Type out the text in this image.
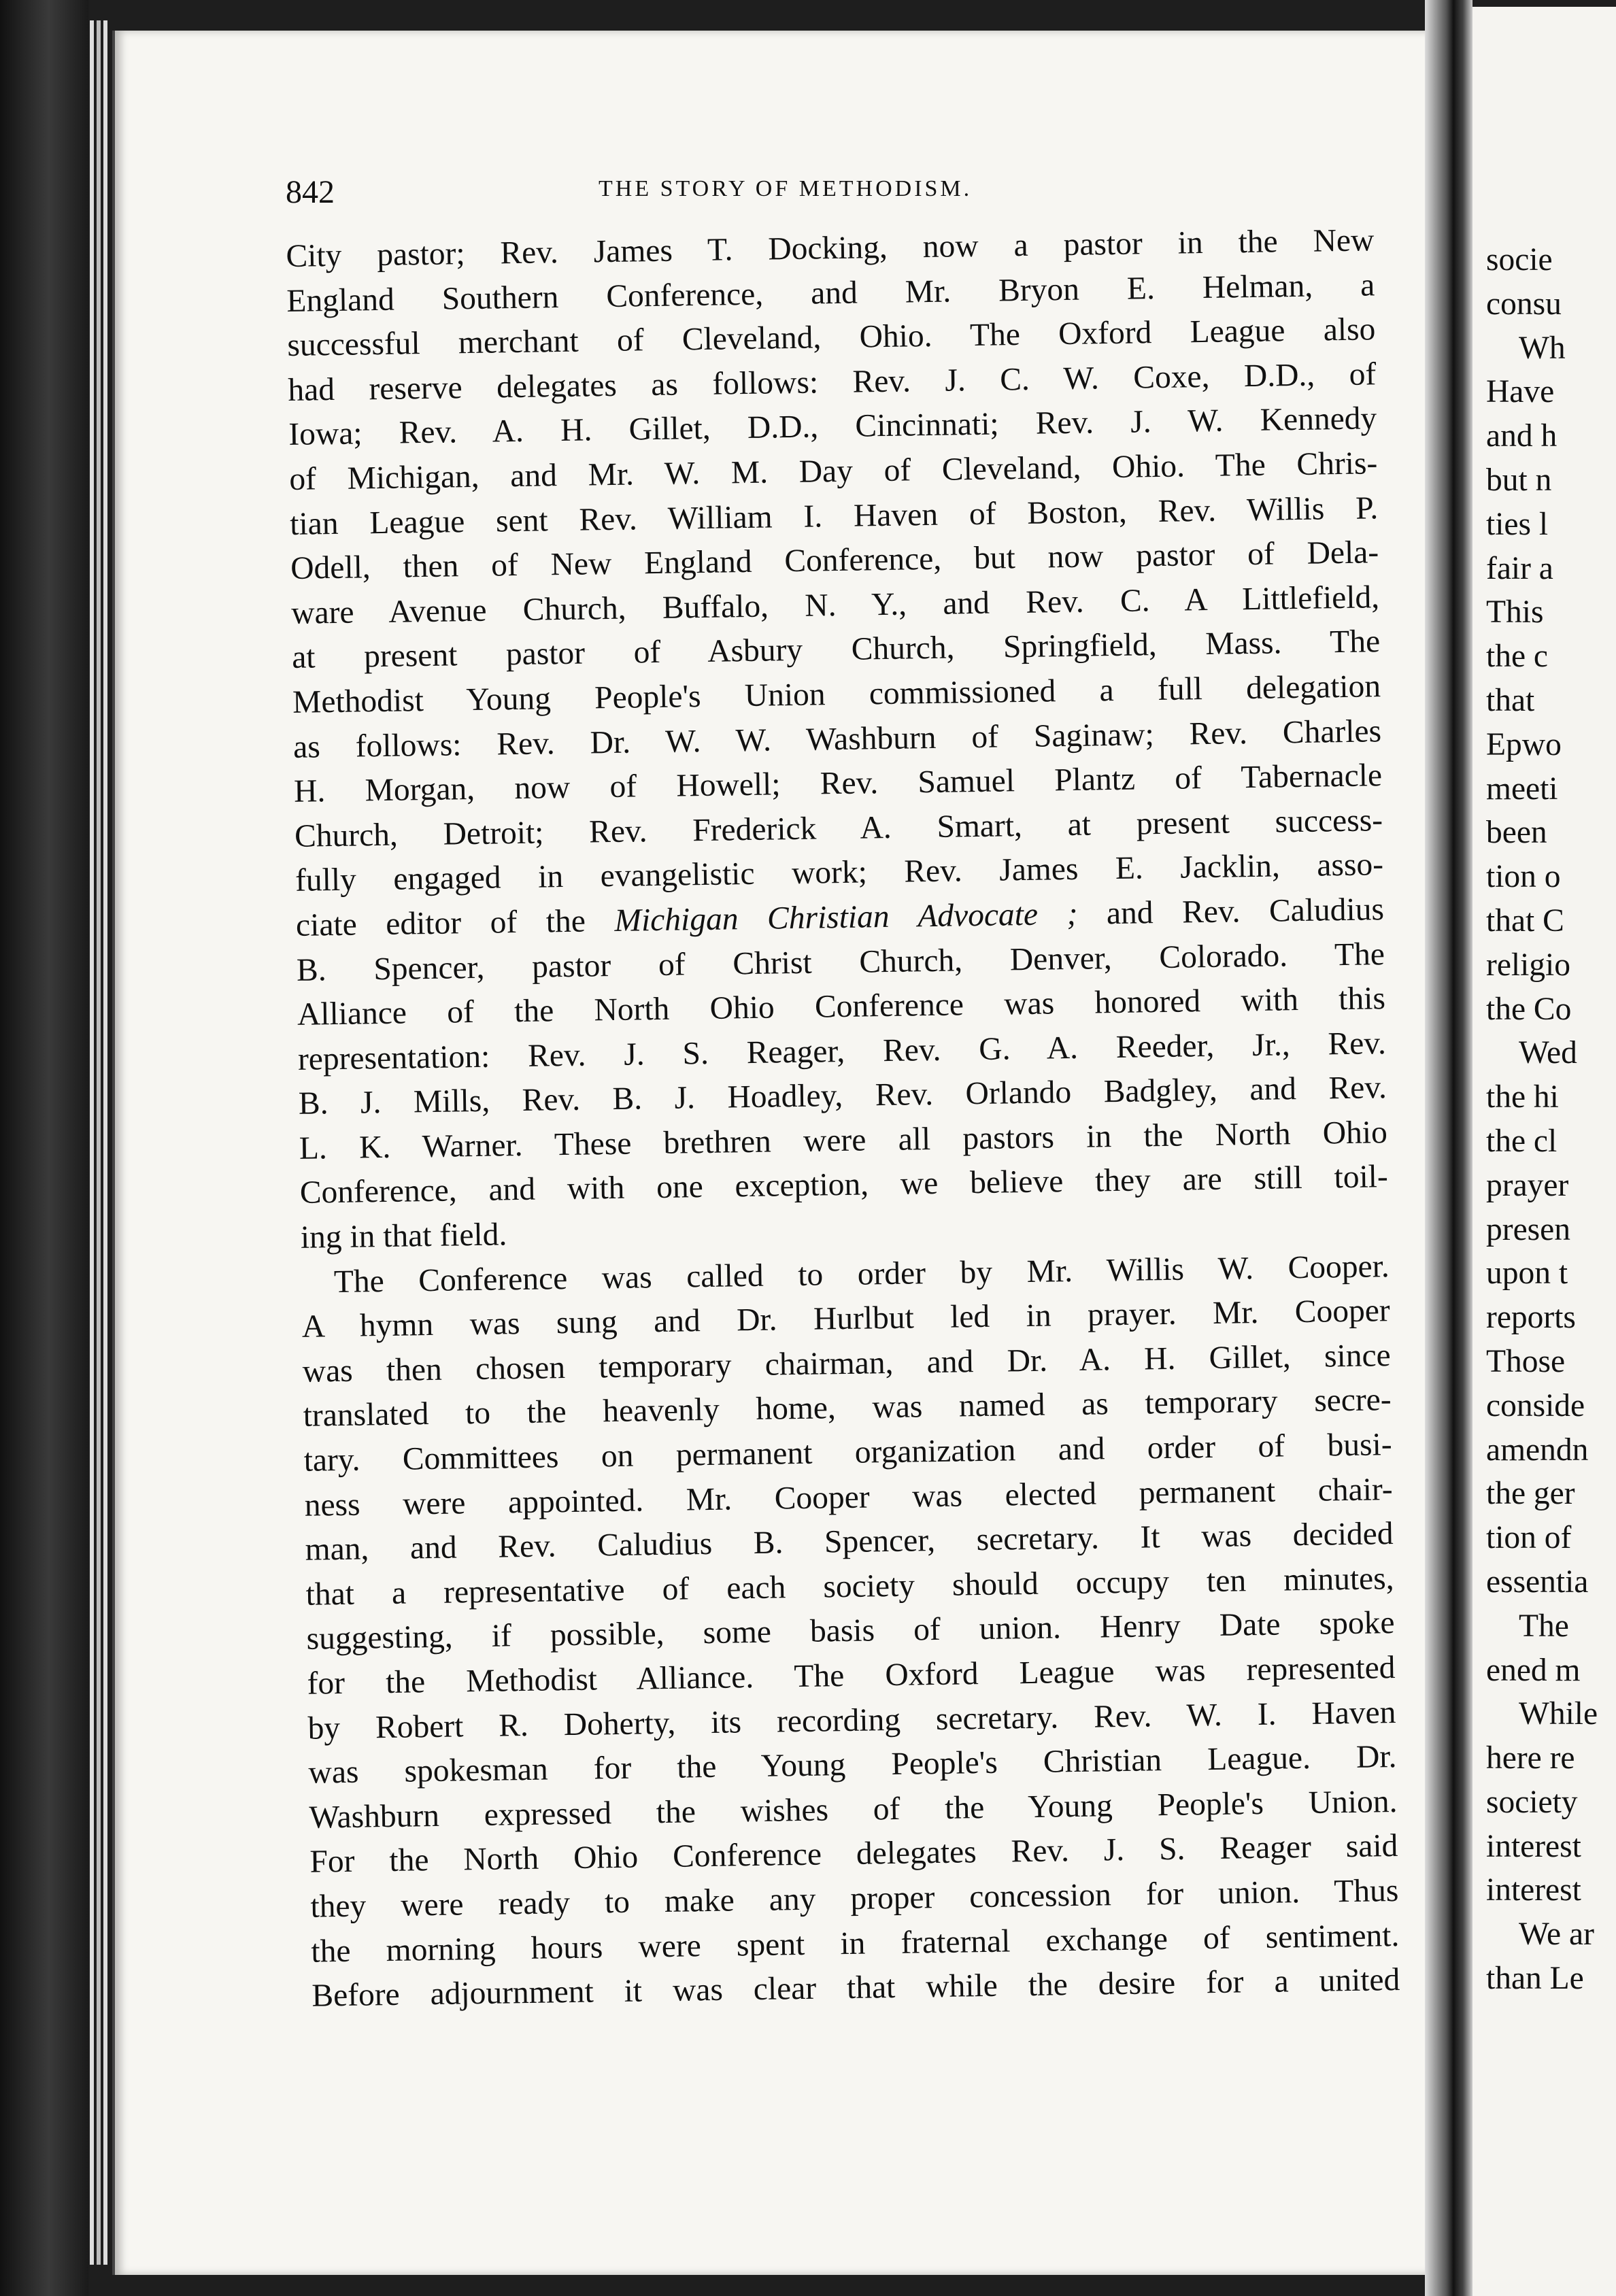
842	THE STORY OF METHODISM.
City pastor; Rev. James T. Docking, now a pastor in the New
England Southern Conference, and Mr. Bryon E. Helman, a
successful merchant of Cleveland, Ohio. The Oxford League also
had reserve delegates as follows: Rev. J. C. W. Coxe, D.D., of
Iowa; Rev. A. H. Gillet, D.D., Cincinnati; Rev. J. W. Kennedy
of Michigan, and Mr. W. M. Day of Cleveland, Ohio. The Chris-
tian League sent Rev. William I. Haven of Boston, Rev. Willis P.
Odell, then of New England Conference, but now pastor of Dela-
ware Avenue Church, Buffalo, N. Y., and Rev. C. A Littlefield,
at present pastor of Asbury Church, Springfield, Mass. The
Methodist Young People's Union commissioned a full delegation
as follows: Rev. Dr. W. W. Washburn of Saginaw; Rev. Charles
H. Morgan, now of Howell; Rev. Samuel Plantz of Tabernacle
Church, Detroit; Rev. Frederick A. Smart, at present success-
fully engaged in evangelistic work; Rev. James E. Jacklin, asso-
ciate editor of the Michigan Christian Advocate ; and Rev. Caludius
B. Spencer, pastor of Christ Church, Denver, Colorado. The
Alliance of the North Ohio Conference was honored with this
representation: Rev. J. S. Reager, Rev. G. A. Reeder, Jr., Rev.
B. J. Mills, Rev. B. J. Hoadley, Rev. Orlando Badgley, and Rev.
L. K. Warner. These brethren were all pastors in the North Ohio
Conference, and with one exception, we believe they are still toil-
ing in that field.
The Conference was called to order by Mr. Willis W. Cooper.
A hymn was sung and Dr. Hurlbut led in prayer. Mr. Cooper
was then chosen temporary chairman, and Dr. A. H. Gillet, since
translated to the heavenly home, was named as temporary secre-
tary. Committees on permanent organization and order of busi-
ness were appointed. Mr. Cooper was elected permanent chair-
man, and Rev. Caludius B. Spencer, secretary. It was decided
that a representative of each society should occupy ten minutes,
suggesting, if possible, some basis of union. Henry Date spoke
for the Methodist Alliance. The Oxford League was represented
by Robert R. Doherty, its recording secretary. Rev. W. I. Haven
was spokesman for the Young People's Christian League. Dr.
Washburn expressed the wishes of the Young People's Union.
For the North Ohio Conference delegates Rev. J. S. Reager said
they were ready to make any proper concession for union. Thus
the morning hours were spent in fraternal exchange of sentiment.
Before adjournment it was clear that while the desire for a united
socie
consu
Wh
Have
and h
but n
ties l
fair a
This
the c
that
Epwo
meeti
been
tion o
that C
religio
the Co
Wed
the hi
the cl
prayer
presen
upon t
reports
Those
conside
amendn
the ger
tion of
essentia
The
ened m
While
here re
society
interest
interest
We ar
than Le
